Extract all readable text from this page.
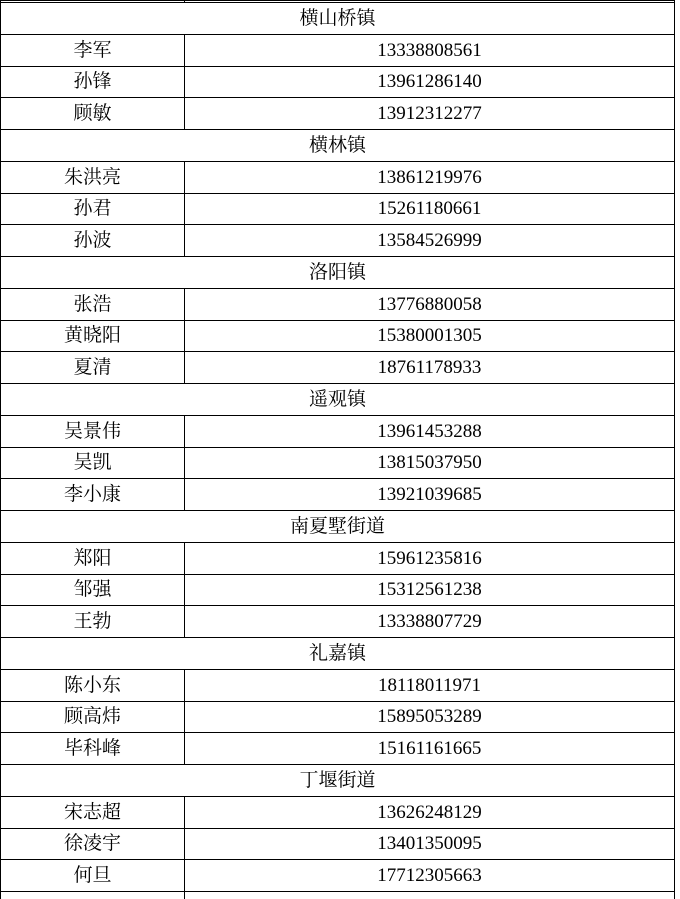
横山桥镇
李军	13338808561
孙锋	13961286140
顾敏	13912312277
横林镇
朱洪亮	13861219976
孙君	15261180661
孙波	13584526999
洛阳镇
张浩	13776880058
黄晓阳	15380001305
夏清	18761178933
遥观镇
吴景伟	13961453288
吴凯	13815037950
李小康	13921039685
南夏墅街道
郑阳	15961235816
邹强	15312561238
王勃	13338807729
礼嘉镇
陈小东	18118011971
顾高炜	15895053289
毕科峰	15161161665
丁堰街道
宋志超	13626248129
徐凌宇	13401350095
何旦	17712305663
